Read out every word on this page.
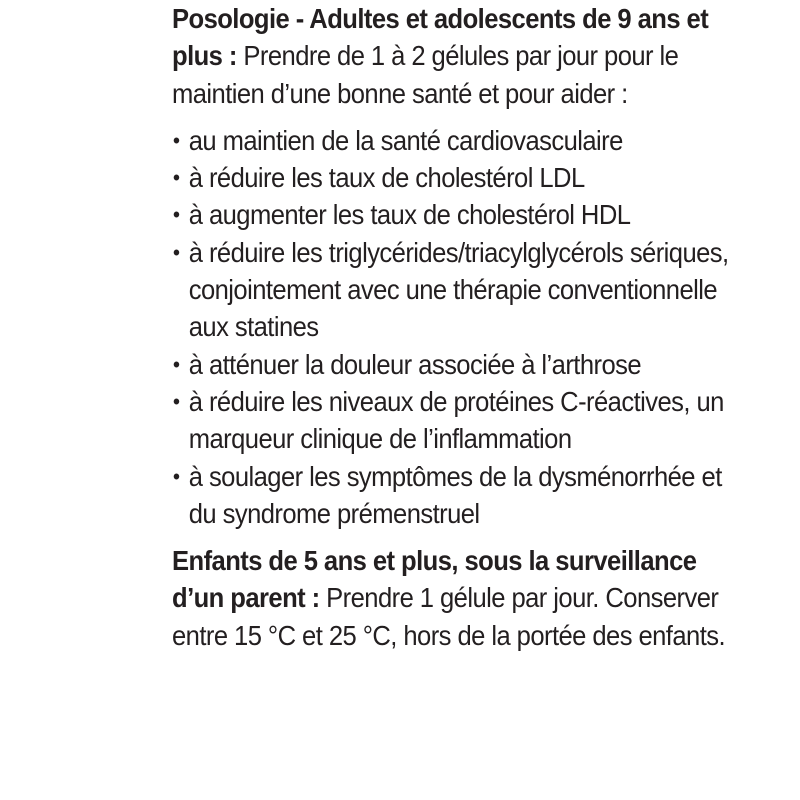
Posologie - Adultes et adolescents de 9 ans et plus : Prendre de 1 à 2 gélules par jour pour le maintien d’une bonne santé et pour aider :

• au maintien de la santé cardiovasculaire
• à réduire les taux de cholestérol LDL
• à augmenter les taux de cholestérol HDL
• à réduire les triglycérides/triacylglycérols sériques, conjointement avec une thérapie conventionnelle aux statines
• à atténuer la douleur associée à l’arthrose
• à réduire les niveaux de protéines C-réactives, un marqueur clinique de l’inflammation
• à soulager les symptômes de la dysménorrhée et du syndrome prémenstruel

Enfants de 5 ans et plus, sous la surveillance d’un parent : Prendre 1 gélule par jour. Conserver entre 15 °C et 25 °C, hors de la portée des enfants.
